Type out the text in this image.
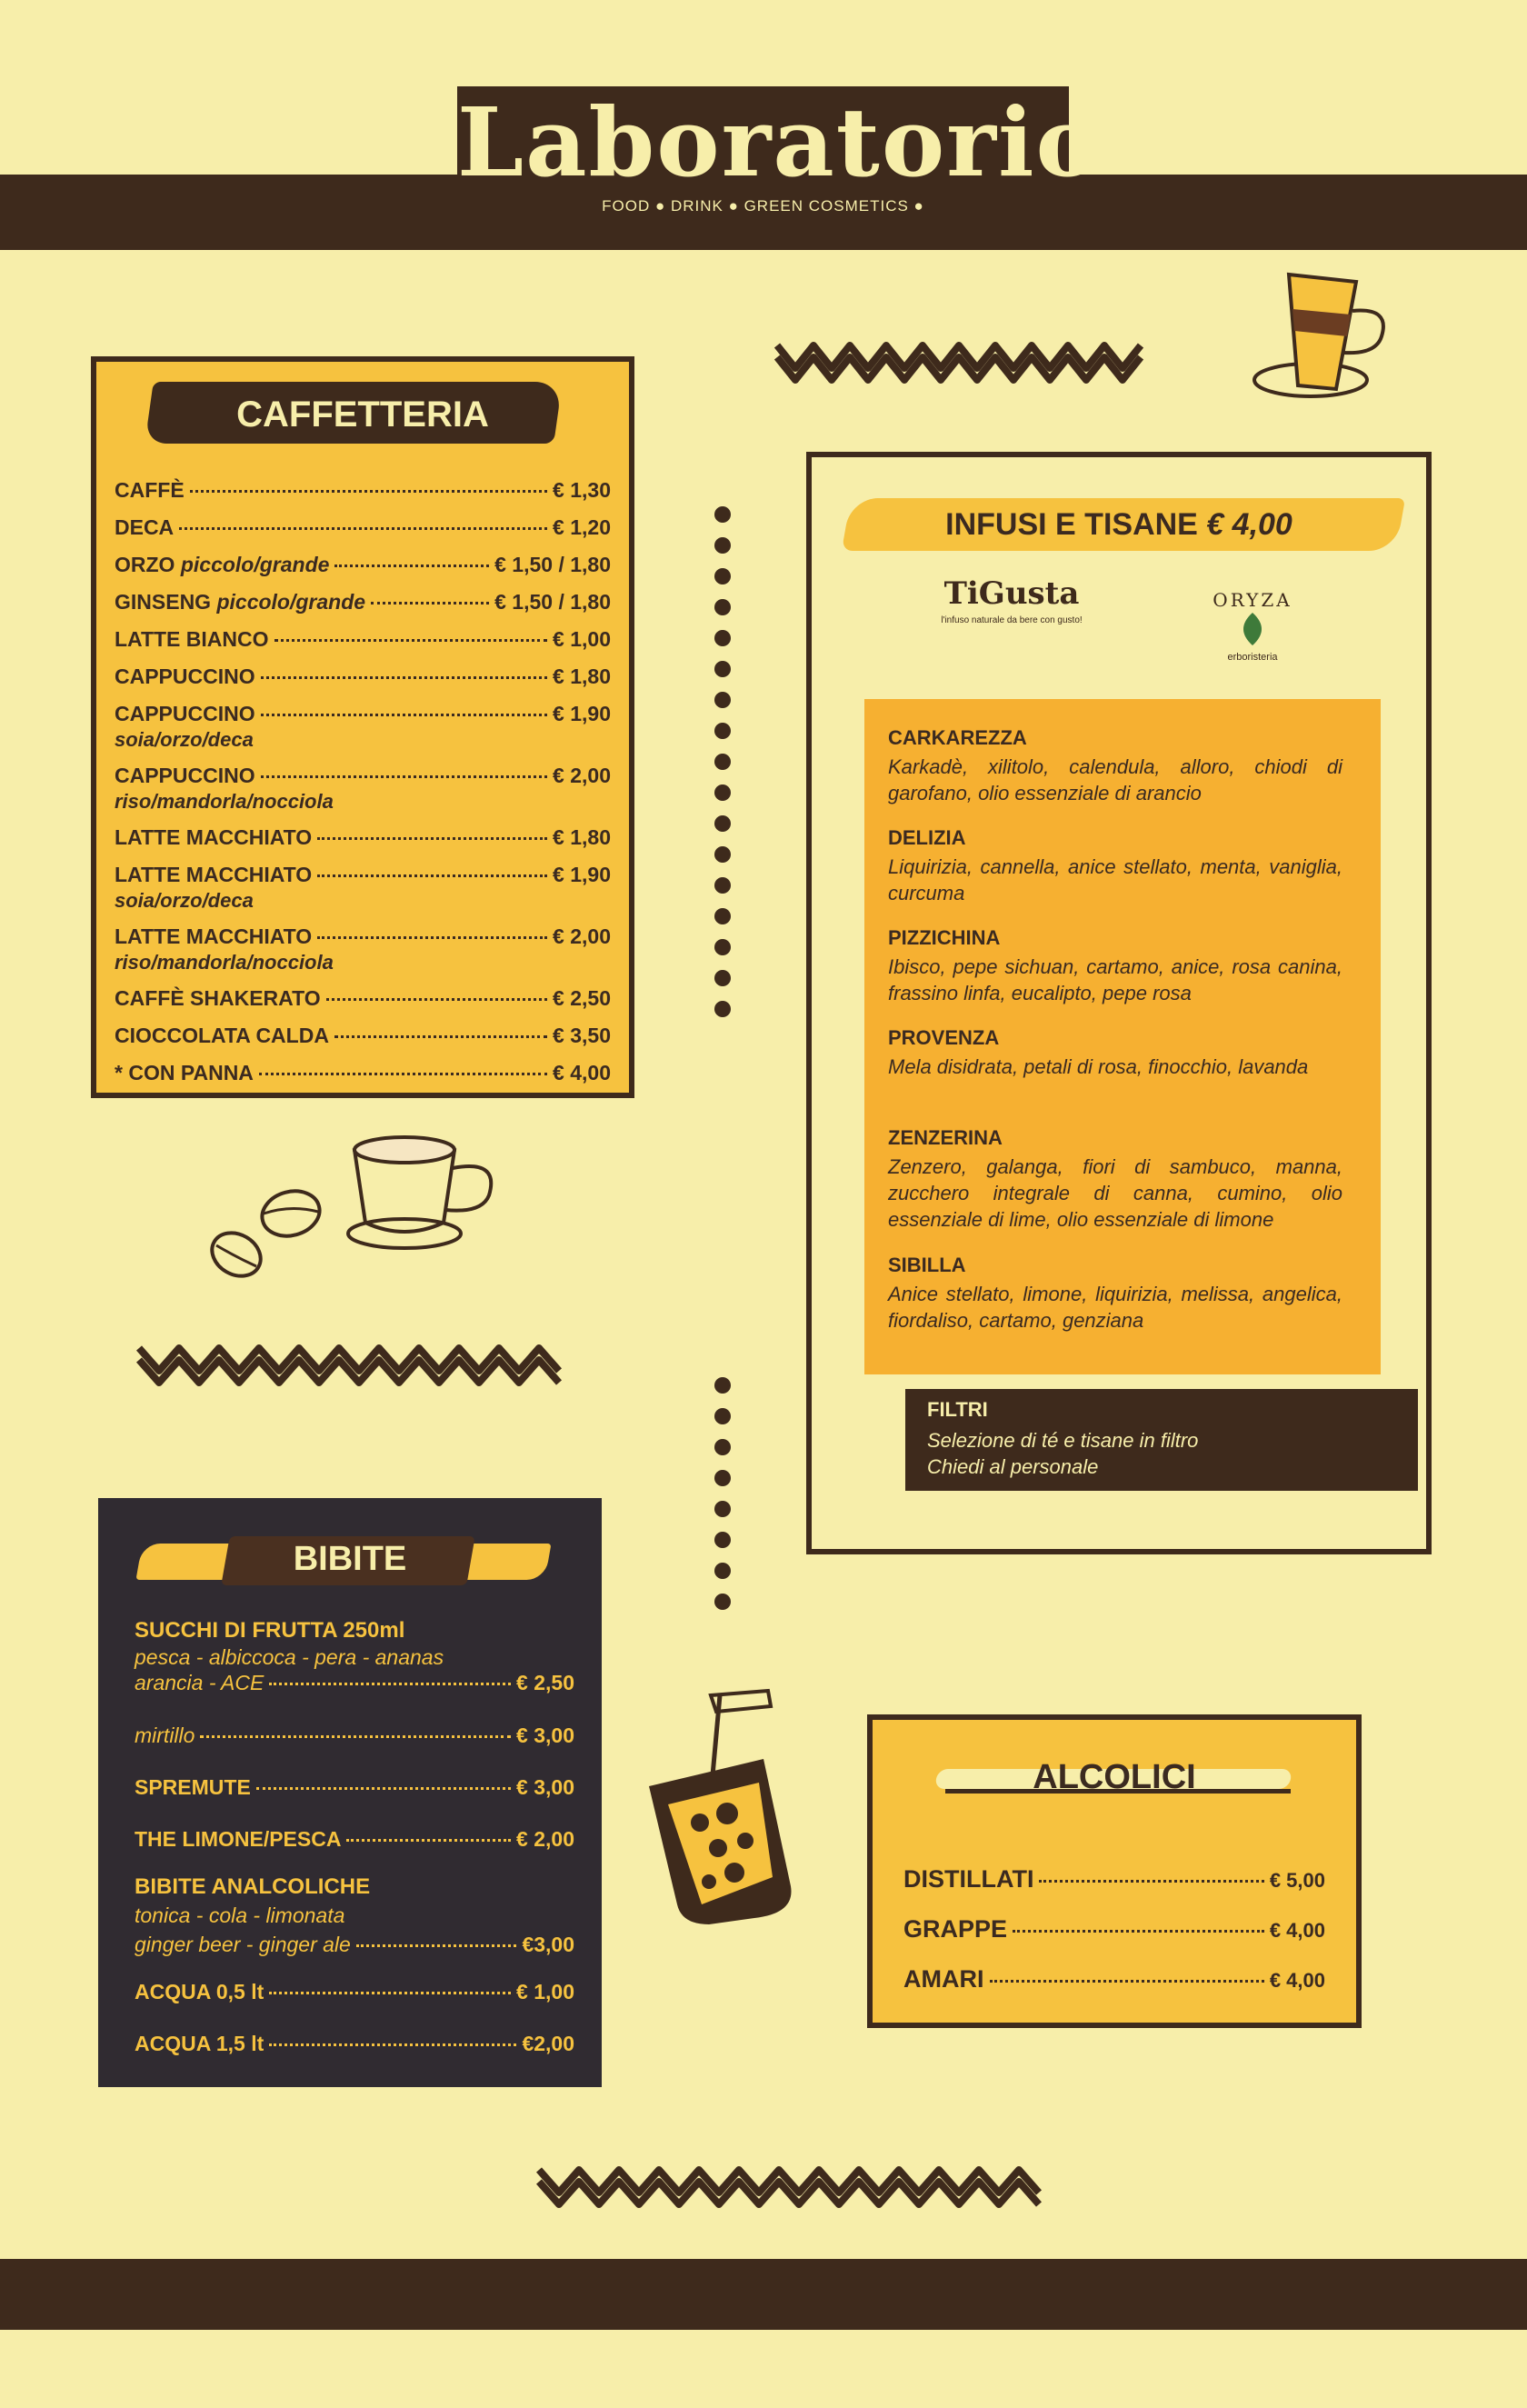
Laboratorio
FOOD ● DRINK ● GREEN COSMETICS ●
CAFFETTERIA
CAFFÈ	€ 1,30
DECA	€ 1,20
ORZO piccolo/grande	€ 1,50 / 1,80
GINSENG piccolo/grande	€ 1,50 / 1,80
LATTE BIANCO	€ 1,00
CAPPUCCINO	€ 1,80
CAPPUCCINO	€ 1,90
soia/orzo/deca
CAPPUCCINO	€ 2,00
riso/mandorla/nocciola
LATTE MACCHIATO	€ 1,80
LATTE MACCHIATO	€ 1,90
soia/orzo/deca
LATTE MACCHIATO	€ 2,00
riso/mandorla/nocciola
CAFFÈ SHAKERATO	€ 2,50
CIOCCOLATA CALDA	€ 3,50
* CON PANNA	€ 4,00
INFUSI E TISANE € 4,00
TiGusta
l'infuso naturale da bere con gusto!
ORYZA
erboristeria
CARKAREZZA
Karkadè, xilitolo, calendula, alloro, chiodi di garofano, olio essenziale di arancio
DELIZIA
Liquirizia, cannella, anice stellato, menta, vaniglia, curcuma
PIZZICHINA
Ibisco, pepe sichuan, cartamo, anice, rosa canina, frassino linfa, eucalipto, pepe rosa
PROVENZA
Mela disidrata, petali di rosa, finocchio, lavanda
ZENZERINA
Zenzero, galanga, fiori di sambuco, manna, zucchero integrale di canna, cumino, olio essenziale di lime, olio essenziale di limone
SIBILLA
Anice stellato, limone, liquirizia, melissa, angelica, fiordaliso, cartamo, genziana
FILTRI
Selezione di té e tisane in filtro
Chiedi al personale
BIBITE
SUCCHI DI FRUTTA 250ml
pesca - albiccoca - pera - ananas
arancia - ACE	€ 2,50
mirtillo	€ 3,00
SPREMUTE	€ 3,00
THE LIMONE/PESCA	€ 2,00
BIBITE ANALCOLICHE
tonica - cola - limonata
ginger beer - ginger ale	€3,00
ACQUA 0,5 lt	€ 1,00
ACQUA 1,5 lt	€2,00
ALCOLICI
DISTILLATI	€ 5,00
GRAPPE	€ 4,00
AMARI	€ 4,00
